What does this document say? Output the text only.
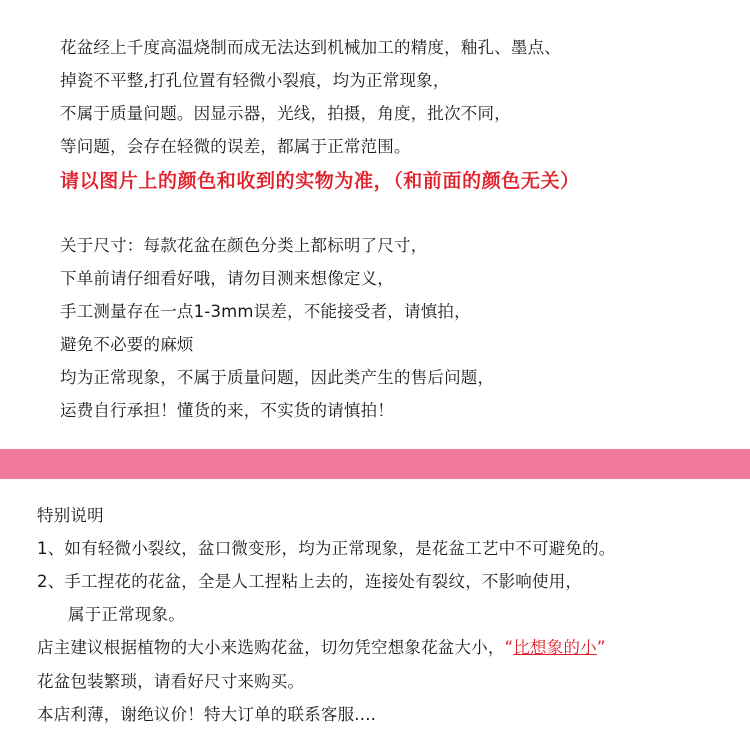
花盆经上千度高温烧制而成无法达到机械加工的精度，釉孔、墨点、
掉瓷不平整,打孔位置有轻微小裂痕，均为正常现象，
不属于质量问题。因显示器，光线，拍摄，角度，批次不同，
等问题，会存在轻微的误差，都属于正常范围。
请以图片上的颜色和收到的实物为准，（和前面的颜色无关）
关于尺寸：每款花盆在颜色分类上都标明了尺寸，
下单前请仔细看好哦，请勿目测来想像定义，
手工测量存在一点1-3mm误差，不能接受者，请慎拍，
避免不必要的麻烦
均为正常现象，不属于质量问题，因此类产生的售后问题，
运费自行承担！懂货的来，不实货的请慎拍！
特别说明
1、如有轻微小裂纹，盆口微变形，均为正常现象，是花盆工艺中不可避免的。
2、手工捏花的花盆，全是人工捏粘上去的，连接处有裂纹，不影响使用，
属于正常现象。
店主建议根据植物的大小来选购花盆，切勿凭空想象花盆大小，“比想象的小”
花盆包装繁琐，请看好尺寸来购买。
本店利薄，谢绝议价！特大订单的联系客服....
